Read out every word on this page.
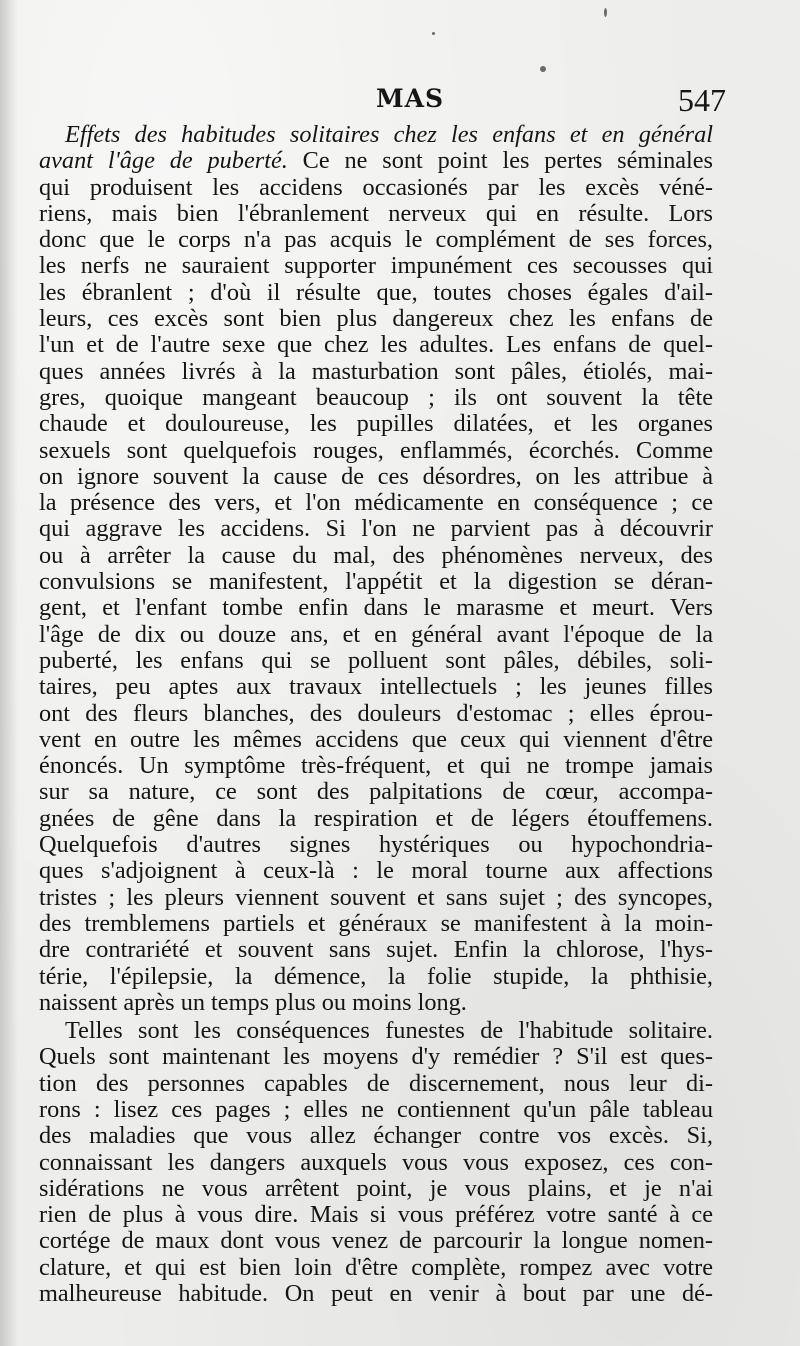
MAS	547
Effets des habitudes solitaires chez les enfans et en général
avant l'âge de puberté. Ce ne sont point les pertes séminales
qui produisent les accidens occasionés par les excès véné-
riens, mais bien l'ébranlement nerveux qui en résulte. Lors
donc que le corps n'a pas acquis le complément de ses forces,
les nerfs ne sauraient supporter impunément ces secousses qui
les ébranlent ; d'où il résulte que, toutes choses égales d'ail-
leurs, ces excès sont bien plus dangereux chez les enfans de
l'un et de l'autre sexe que chez les adultes. Les enfans de quel-
ques années livrés à la masturbation sont pâles, étiolés, mai-
gres, quoique mangeant beaucoup ; ils ont souvent la tête
chaude et douloureuse, les pupilles dilatées, et les organes
sexuels sont quelquefois rouges, enflammés, écorchés. Comme
on ignore souvent la cause de ces désordres, on les attribue à
la présence des vers, et l'on médicamente en conséquence ; ce
qui aggrave les accidens. Si l'on ne parvient pas à découvrir
ou à arrêter la cause du mal, des phénomènes nerveux, des
convulsions se manifestent, l'appétit et la digestion se déran-
gent, et l'enfant tombe enfin dans le marasme et meurt. Vers
l'âge de dix ou douze ans, et en général avant l'époque de la
puberté, les enfans qui se polluent sont pâles, débiles, soli-
taires, peu aptes aux travaux intellectuels ; les jeunes filles
ont des fleurs blanches, des douleurs d'estomac ; elles éprou-
vent en outre les mêmes accidens que ceux qui viennent d'être
énoncés. Un symptôme très-fréquent, et qui ne trompe jamais
sur sa nature, ce sont des palpitations de cœur, accompa-
gnées de gêne dans la respiration et de légers étouffemens.
Quelquefois d'autres signes hystériques ou hypochondria-
ques s'adjoignent à ceux-là : le moral tourne aux affections
tristes ; les pleurs viennent souvent et sans sujet ; des syncopes,
des tremblemens partiels et généraux se manifestent à la moin-
dre contrariété et souvent sans sujet. Enfin la chlorose, l'hys-
térie, l'épilepsie, la démence, la folie stupide, la phthisie,
naissent après un temps plus ou moins long.
Telles sont les conséquences funestes de l'habitude solitaire.
Quels sont maintenant les moyens d'y remédier ? S'il est ques-
tion des personnes capables de discernement, nous leur di-
rons : lisez ces pages ; elles ne contiennent qu'un pâle tableau
des maladies que vous allez échanger contre vos excès. Si,
connaissant les dangers auxquels vous vous exposez, ces con-
sidérations ne vous arrêtent point, je vous plains, et je n'ai
rien de plus à vous dire. Mais si vous préférez votre santé à ce
cortége de maux dont vous venez de parcourir la longue nomen-
clature, et qui est bien loin d'être complète, rompez avec votre
malheureuse habitude. On peut en venir à bout par une dé-
